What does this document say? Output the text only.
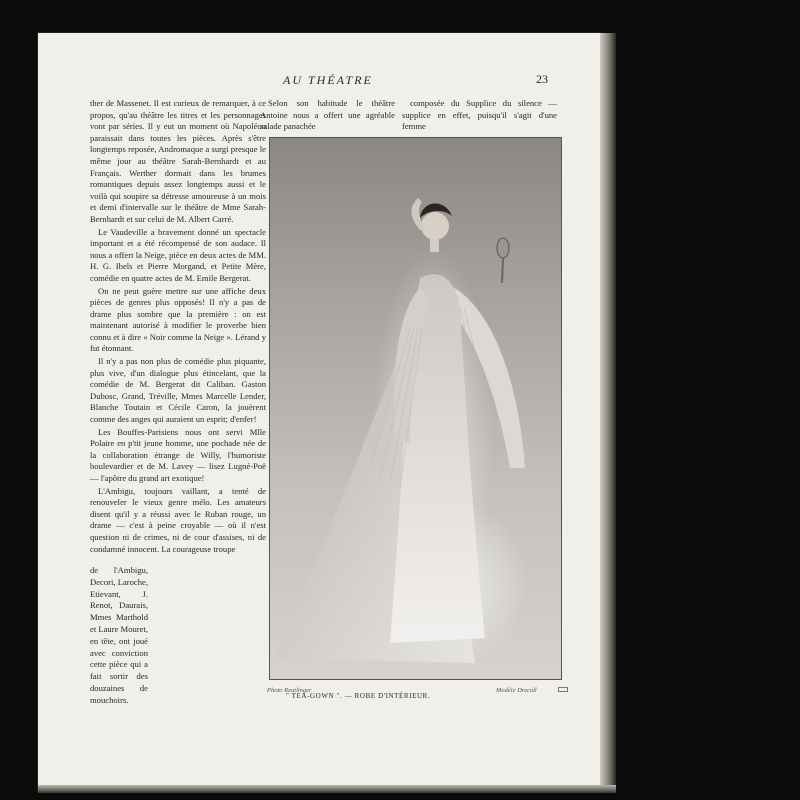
AU THÉATRE	23

ther de Massenet. Il est curieux de remarquer, à ce propos, qu'au théâtre les titres et les personnages vont par séries. Il y eut un moment où Napoléon paraissait dans toutes les pièces. Après s'être longtemps reposée, Andromaque a surgi presque le même jour au théâtre Sarah-Bernhardt et au Français. Werther dormait dans les brumes romantiques depuis assez longtemps aussi et le voilà qui soupire sa détresse amoureuse à un mois et demi d'intervalle sur le théâtre de Mme Sarah-Bernhardt et sur celui de M. Albert Carré.

Le Vaudeville a bravement donné un spectacle important et a été récompensé de son audace. Il nous a offert la Neige, pièce en deux actes de MM. H. G. Ibels et Pierre Morgand, et Petite Mère, comédie en quatre actes de M. Emile Bergerat.

On ne peut guère mettre sur une affiche deux pièces de genres plus opposés! Il n'y a pas de drame plus sombre que la première : on est maintenant autorisé à modifier le proverbe bien connu et à dire « Noir comme la Neige ». Lérand y fut étonnant.

Il n'y a pas non plus de comédie plus piquante, plus vive, d'un dialogue plus étincelant, que la comédie de M. Bergerat dit Caliban. Gaston Dubosc, Grand, Tréville, Mmes Marcelle Lender, Blanche Toutain et Cécile Caron, la jouèrent comme des anges qui auraient un esprit; d'enfer!

Les Bouffes-Parisiens nous ont servi Mlle Polaire en p'tit jeune homme, une pochade née de la collaboration étrange de Willy, l'humoriste boulevardier et de M. Lavey — lisez Lugné-Poë — l'apôtre du grand art exotique!

L'Ambigu, toujours vaillant, a tenté de renouveler le vieux genre mélo. Les amateurs disent qu'il y a réussi avec le Ruban rouge, un drame — c'est à peine croyable — où il n'est question ni de crimes, ni de cour d'assises, ni de condamné innocent. La courageuse troupe

de l'Ambigu, Decori, Laroche, Etievant, J. Renot, Daurais, Mmes Marthold et Laure Mouret, en tête, ont joué avec conviction cette pièce qui a fait sortir des douzaines de mouchoirs.

Selon son habitude le théâtre Antoine nous a offert une agréable salade panachée

composée du Supplice du silence — supplice en effet, puisqu'il s'agit d'une femme

Photo Reutlinger
" TEA-GOWN ". — ROBE D'INTÉRIEUR.
Modèle Drecoll
